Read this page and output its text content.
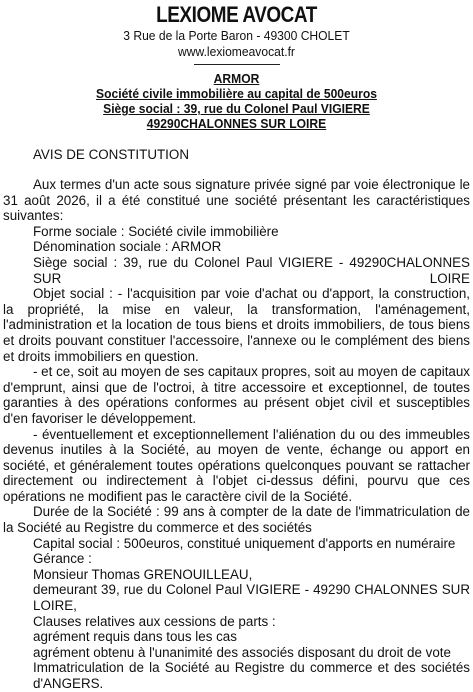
LEXIOME AVOCAT
3 Rue de la Porte Baron - 49300 CHOLET
www.lexiomeavocat.fr
ARMOR
Société civile immobilière au capital de 500euros
Siège social : 39, rue du Colonel Paul VIGIERE
49290CHALONNES SUR LOIRE
AVIS DE CONSTITUTION

Aux termes d'un acte sous signature privée signé par voie électronique le 31 août 2026, il a été constitué une société présentant les caractéristiques suivantes:

Forme sociale : Société civile immobilière

Dénomination sociale : ARMOR

Siège social : 39, rue du Colonel Paul VIGIERE - 49290CHALONNES SUR LOIRE

Objet social : - l'acquisition par voie d'achat ou d'apport, la construction, la propriété, la mise en valeur, la transformation, l'aménagement, l'administration et la location de tous biens et droits immobiliers, de tous biens et droits pouvant constituer l'accessoire, l'annexe ou le complément des biens et droits immobiliers en question.

- et ce, soit au moyen de ses capitaux propres, soit au moyen de capitaux d'emprunt, ainsi que de l'octroi, à titre accessoire et exceptionnel, de toutes garanties à des opérations conformes au présent objet civil et susceptibles d'en favoriser le développement.

- éventuellement et exceptionnellement l'aliénation du ou des immeubles devenus inutiles à la Société, au moyen de vente, échange ou apport en société, et généralement toutes opérations quelconques pouvant se rattacher directement ou indirectement à l'objet ci-dessus défini, pourvu que ces opérations ne modifient pas le caractère civil de la Société.

Durée de la Société : 99 ans à compter de la date de l'immatriculation de la Société au Registre du commerce et des sociétés

Capital social : 500euros, constitué uniquement d'apports en numéraire

Gérance :

Monsieur Thomas GRENOUILLEAU,

demeurant 39, rue du Colonel Paul VIGIERE - 49290 CHALONNES SUR LOIRE,

Clauses relatives aux cessions de parts :

agrément requis dans tous les cas

agrément obtenu à l'unanimité des associés disposant du droit de vote

Immatriculation de la Société au Registre du commerce et des sociétés d'ANGERS.
